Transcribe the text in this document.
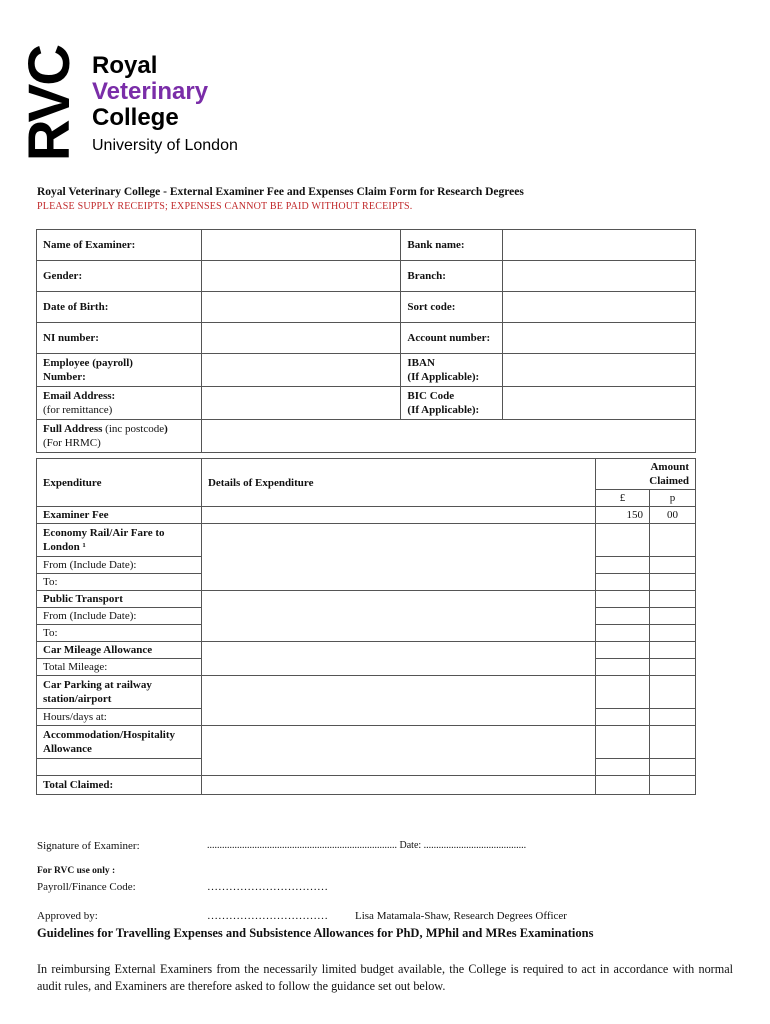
RVC Royal
Veterinary
College
University of London
Royal Veterinary College - External Examiner Fee and Expenses Claim Form for Research Degrees
PLEASE SUPPLY RECEIPTS; EXPENSES CANNOT BE PAID WITHOUT RECEIPTS.
Name of Examiner:		Bank name:	
Gender:		Branch:	
Date of Birth:		Sort code:	
NI number:		Account number:	
Employee (payroll)
Number:		IBAN
(If Applicable):	
Email Address:
(for remittance)		BIC Code
(If Applicable):	
Full Address (inc postcode)
(For HRMC)			
Expenditure	Details of Expenditure	Amount
Claimed	
		£	p
Examiner Fee		150	00
Economy Rail/Air Fare to
London ¹			
From (Include Date):			
To:			
Public Transport			
From (Include Date):			
To:			
Car Mileage Allowance			
Total Mileage:			
Car Parking at railway
station/airport			
Hours/days at:			
Accommodation/Hospitality
Allowance			

Total Claimed:			
Signature of Examiner:	............................................................................ Date: .........................................
For RVC use only :
Payroll/Finance Code:	……………………………
Approved by:	…………………………… Lisa Matamala-Shaw, Research Degrees Officer
Guidelines for Travelling Expenses and Subsistence Allowances for PhD, MPhil and MRes Examinations
In reimbursing External Examiners from the necessarily limited budget available, the College is required to act in accordance with normal audit rules, and Examiners are therefore asked to follow the guidance set out below.
